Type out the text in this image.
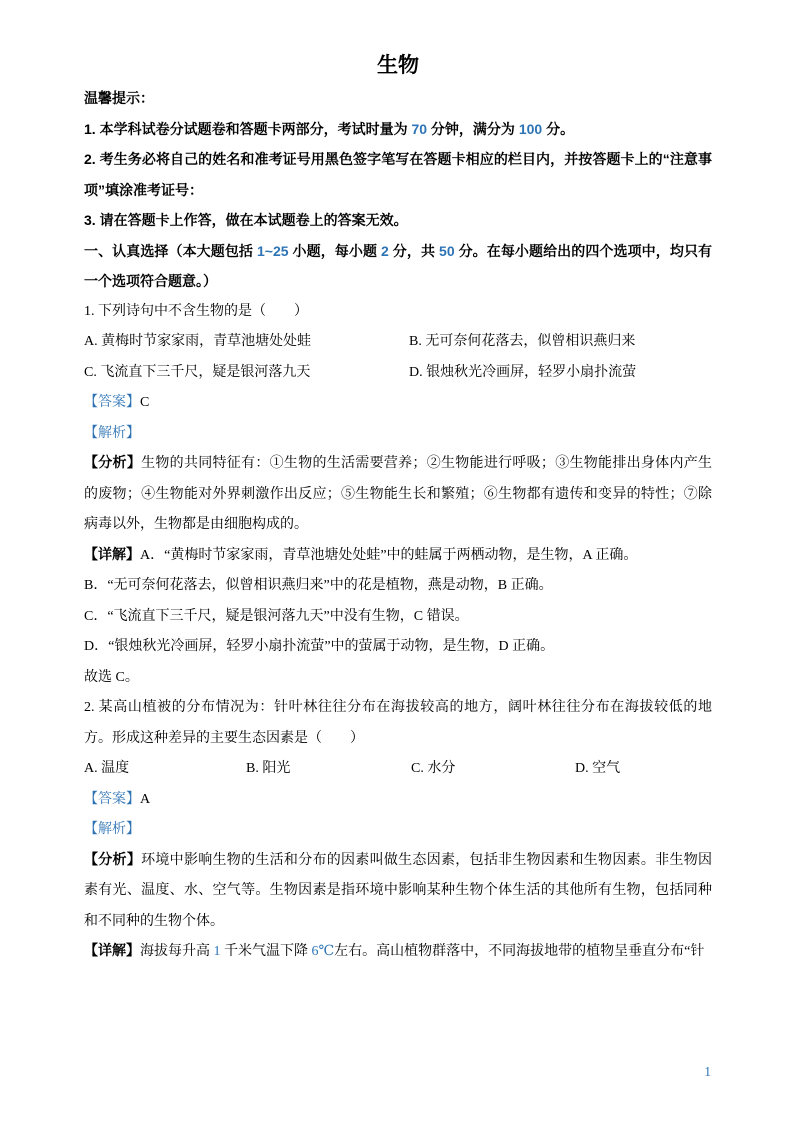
生物

温馨提示：

1. 本学科试卷分试题卷和答题卡两部分，考试时量为 70 分钟，满分为 100 分。

2. 考生务必将自己的姓名和准考证号用黑色签字笔写在答题卡相应的栏目内，并按答题卡上的“注意事项”填涂准考证号：

3. 请在答题卡上作答，做在本试题卷上的答案无效。

一、认真选择（本大题包括 1~25 小题，每小题 2 分，共 50 分。在每小题给出的四个选项中，均只有一个选项符合题意。）

1. 下列诗句中不含生物的是（　　）

A. 黄梅时节家家雨，青草池塘处处蛙	B. 无可奈何花落去，似曾相识燕归来
C. 飞流直下三千尺，疑是银河落九天	D. 银烛秋光冷画屏，轻罗小扇扑流萤

【答案】C

【解析】

【分析】生物的共同特征有：①生物的生活需要营养；②生物能进行呼吸；③生物能排出身体内产生的废物；④生物能对外界刺激作出反应；⑤生物能生长和繁殖；⑥生物都有遗传和变异的特性；⑦除病毒以外，生物都是由细胞构成的。

【详解】A．“黄梅时节家家雨，青草池塘处处蛙”中的蛙属于两栖动物，是生物，A 正确。

B．“无可奈何花落去，似曾相识燕归来”中的花是植物，燕是动物，B 正确。

C．“飞流直下三千尺，疑是银河落九天”中没有生物，C 错误。

D．“银烛秋光冷画屏，轻罗小扇扑流萤”中的萤属于动物，是生物，D 正确。

故选 C。

2. 某高山植被的分布情况为：针叶林往往分布在海拔较高的地方，阔叶林往往分布在海拔较低的地方。形成这种差异的主要生态因素是（　　）

A. 温度	B. 阳光	C. 水分	D. 空气

【答案】A

【解析】

【分析】环境中影响生物的生活和分布的因素叫做生态因素，包括非生物因素和生物因素。非生物因素有光、温度、水、空气等。生物因素是指环境中影响某种生物个体生活的其他所有生物，包括同种和不同种的生物个体。

【详解】海拔每升高 1 千米气温下降 6℃左右。高山植物群落中，不同海拔地带的植物呈垂直分布“针

1
